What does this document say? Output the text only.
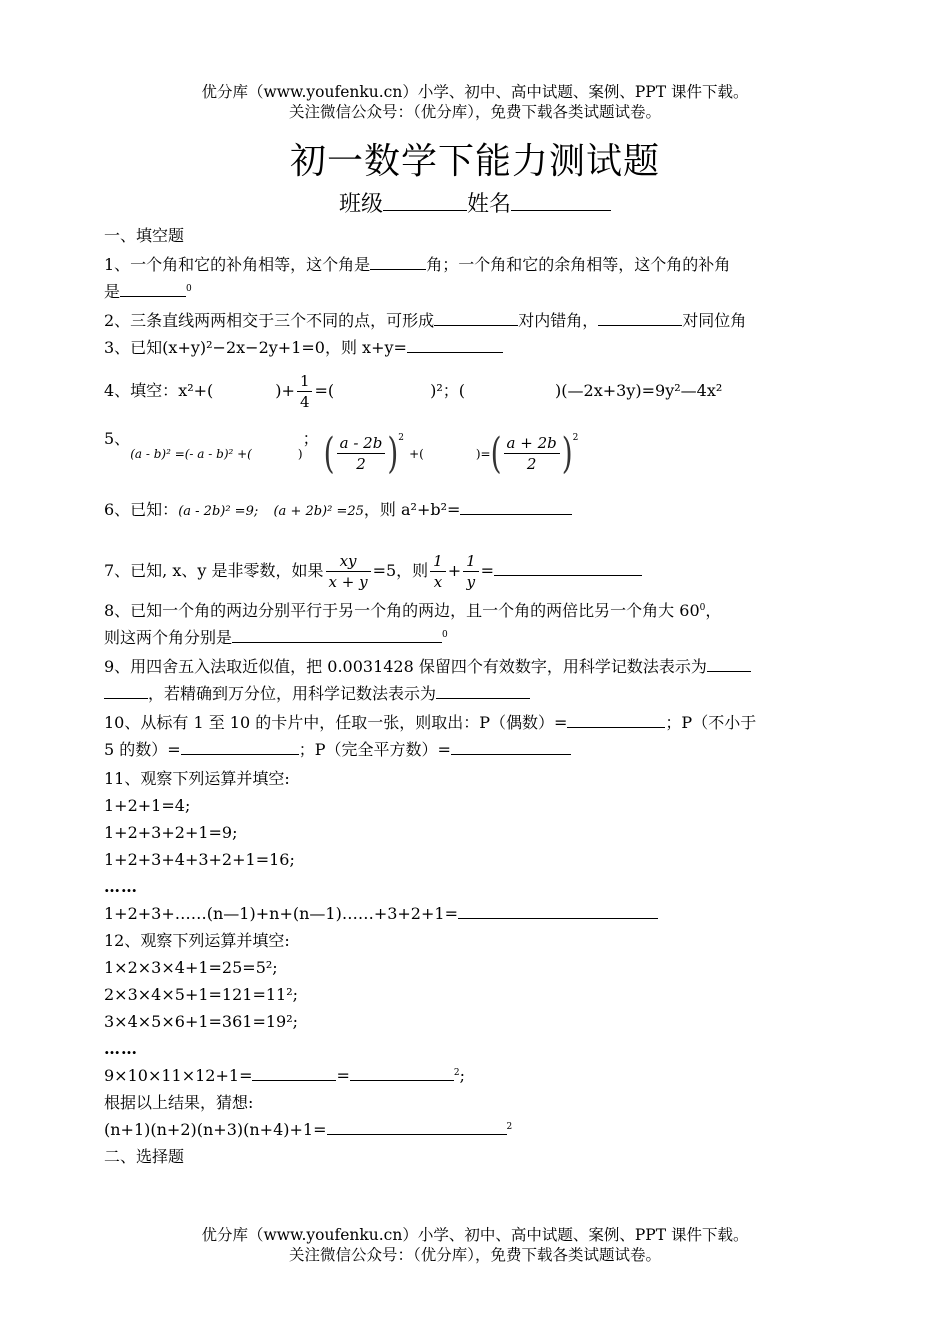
优分库（www.youfenku.cn）小学、初中、高中试题、案例、PPT 课件下载。
关注微信公众号：（优分库），免费下载各类试题试卷。
初一数学下能力测试题
班级	姓名
一、填空题
1、一个角和它的补角相等，这个角是	角；一个角和它的余角相等，这个角的补角
是	$^0$
2、三条直线两两相交于三个不同的点，可形成	对内错角，	对同位角
3、已知(x+y)²−2x−2y+1=0，则 x+y=
4、填空：x²+(	)+ $\frac{1}{4}$ =(	)²；(	)(—2x+3y)=9y²—4x²
5、(a - b)² =(- a - b)² +(	)； ( $\frac{a - 2b}{2} )^2$ +(	)=( $\frac{a + 2b}{2} )^2$
6、已知：(a - 2b)² =9; (a + 2b)² =25，则 a²+b²=
7、已知, x、y 是非零数，如果 $\frac{xy}{x + y} =5$，则 $\frac{1}{x} + \frac{1}{y}$ =
8、已知一个角的两边分别平行于另一个角的两边，且一个角的两倍比另一个角大 $60^0$，
则这两个角分别是	$^0$
9、用四舍五入法取近似值，把 0.0031428 保留四个有效数字，用科学记数法表示为
，若精确到万分位，用科学记数法表示为
10、从标有 1 至 10 的卡片中，任取一张，则取出：P（偶数）=	；P（不小于
5 的数）=	；P（完全平方数）=
11、观察下列运算并填空:
1+2+1=4;
1+2+3+2+1=9;
1+2+3+4+3+2+1=16;
……
1+2+3+……(n—1)+n+(n—1)……+3+2+1=
12、观察下列运算并填空:
1×2×3×4+1=25=5²;
2×3×4×5+1=121=11²;
3×4×5×6+1=361=19²;
……
9×10×11×12+1=	=	$^2$;
根据以上结果，猜想:
(n+1)(n+2)(n+3)(n+4)+1=	$^2$
二、选择题
优分库（www.youfenku.cn）小学、初中、高中试题、案例、PPT 课件下载。
关注微信公众号：（优分库），免费下载各类试题试卷。
